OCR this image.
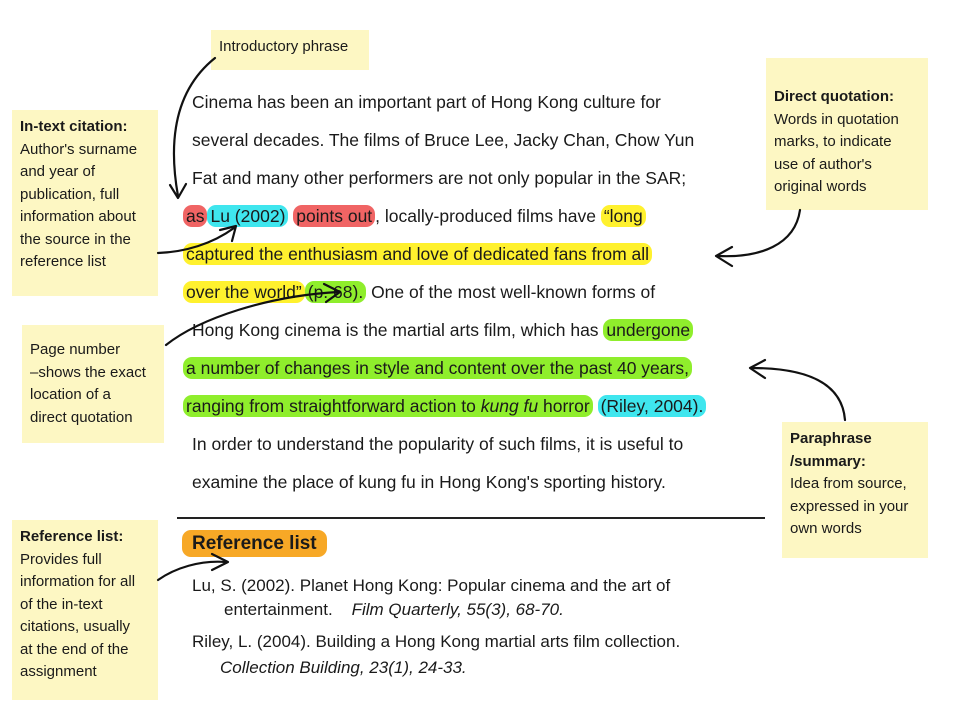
Introductory phrase
In-text citation:
Author's surname
and year of
publication, full
information about
the source in the
reference list
Direct quotation:
Words in quotation
marks, to indicate
use of author's
original words
Page number
–shows the exact
location of a
direct quotation
Paraphrase
/summary:
Idea from source,
expressed in your
own words
Reference list:
Provides full
information for all
of the in-text
citations, usually
at the end of the
assignment
Cinema has been an important part of Hong Kong culture for
several decades. The films of Bruce Lee, Jacky Chan, Chow Yun
Fat and many other performers are not only popular in the SAR;
as Lu (2002) points out , locally-produced films have “long
captured the enthusiasm and love of dedicated fans from all
over the world” (p. 68). One of the most well-known forms of
Hong Kong cinema is the martial arts film, which has undergone
a number of changes in style and content over the past 40 years,
ranging from straightforward action to kung fu horror (Riley, 2004).
In order to understand the popularity of such films, it is useful to
examine the place of kung fu in Hong Kong's sporting history.
Reference list
Lu, S. (2002). Planet Hong Kong: Popular cinema and the art of
entertainment. Film Quarterly, 55(3), 68-70.
Riley, L. (2004). Building a Hong Kong martial arts film collection.
Collection Building, 23(1), 24-33.
